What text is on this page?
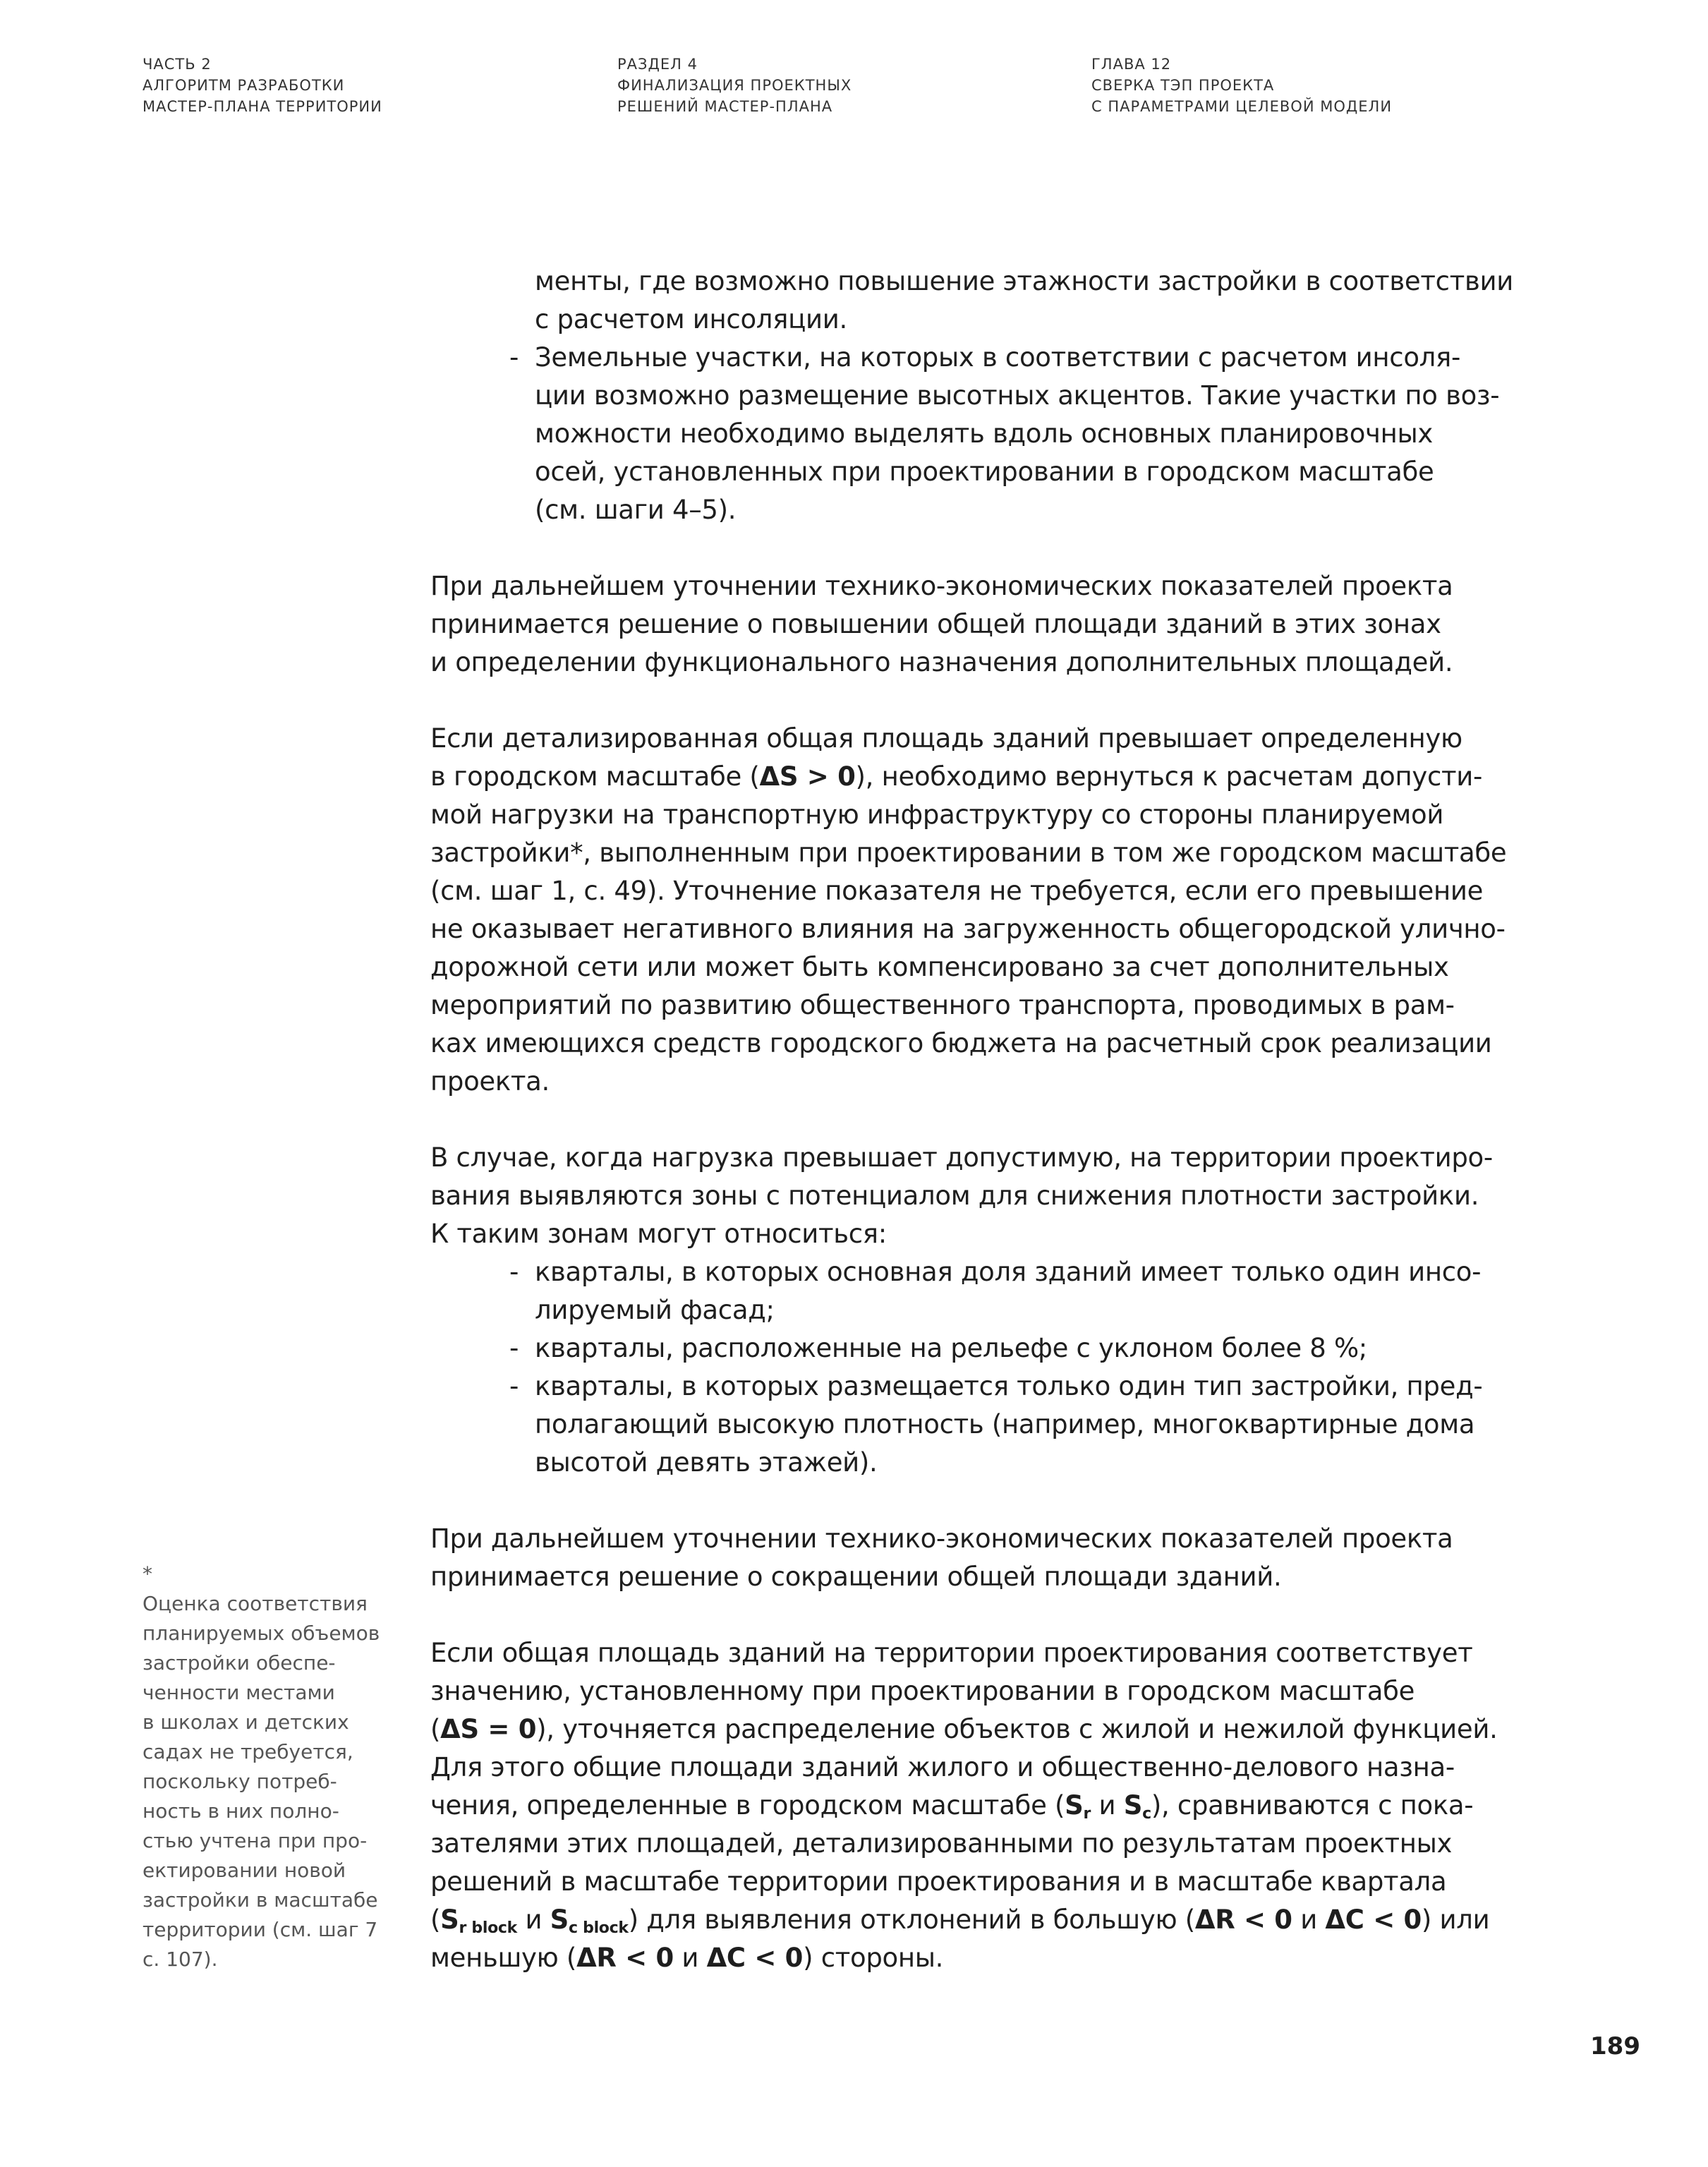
ЧАСТЬ 2
АЛГОРИТМ РАЗРАБОТКИ
МАСТЕР-ПЛАНА ТЕРРИТОРИИ
РАЗДЕЛ 4
ФИНАЛИЗАЦИЯ ПРОЕКТНЫХ
РЕШЕНИЙ МАСТЕР-ПЛАНА
ГЛАВА 12
СВЕРКА ТЭП ПРОЕКТА
С ПАРАМЕТРАМИ ЦЕЛЕВОЙ МОДЕЛИ
менты, где возможно повышение этажности застройки в соответствии
с расчетом инсоляции.
- Земельные участки, на которых в соответствии с расчетом инсоля-
ции возможно размещение высотных акцентов. Такие участки по воз-
можности необходимо выделять вдоль основных планировочных
осей, установленных при проектировании в городском масштабе
(см. шаги 4–5).
При дальнейшем уточнении технико-экономических показателей проекта
принимается решение о повышении общей площади зданий в этих зонах
и определении функционального назначения дополнительных площадей.
Если детализированная общая площадь зданий превышает определенную
в городском масштабе (ΔS > 0), необходимо вернуться к расчетам допусти-
мой нагрузки на транспортную инфраструктуру со стороны планируемой
застройки*, выполненным при проектировании в том же городском масштабе
(см. шаг 1, с. 49). Уточнение показателя не требуется, если его превышение
не оказывает негативного влияния на загруженность общегородской улично-
дорожной сети или может быть компенсировано за счет дополнительных
мероприятий по развитию общественного транспорта, проводимых в рам-
ках имеющихся средств городского бюджета на расчетный срок реализации
проекта.
В случае, когда нагрузка превышает допустимую, на территории проектиро-
вания выявляются зоны с потенциалом для снижения плотности застройки.
К таким зонам могут относиться:
- кварталы, в которых основная доля зданий имеет только один инсо-
лируемый фасад;
- кварталы, расположенные на рельефе с уклоном более 8 %;
- кварталы, в которых размещается только один тип застройки, пред-
полагающий высокую плотность (например, многоквартирные дома
высотой девять этажей).
При дальнейшем уточнении технико-экономических показателей проекта
принимается решение о сокращении общей площади зданий.
Если общая площадь зданий на территории проектирования соответствует
значению, установленному при проектировании в городском масштабе
(ΔS = 0), уточняется распределение объектов с жилой и нежилой функцией.
Для этого общие площади зданий жилого и общественно-делового назна-
чения, определенные в городском масштабе ($S_r$ и $S_c$), сравниваются с пока-
зателями этих площадей, детализированными по результатам проектных
решений в масштабе территории проектирования и в масштабе квартала
($S_{r block}$ и $S_{c block}$) для выявления отклонений в большую (ΔR < 0 и ΔC < 0) или
меньшую (ΔR < 0 и ΔC < 0) стороны.
*
Оценка соответствия
планируемых объемов
застройки обеспе-
ченности местами
в школах и детских
садах не требуется,
поскольку потреб-
ность в них полно-
стью учтена при про-
ектировании новой
застройки в масштабе
территории (см. шаг 7
с. 107).
189
